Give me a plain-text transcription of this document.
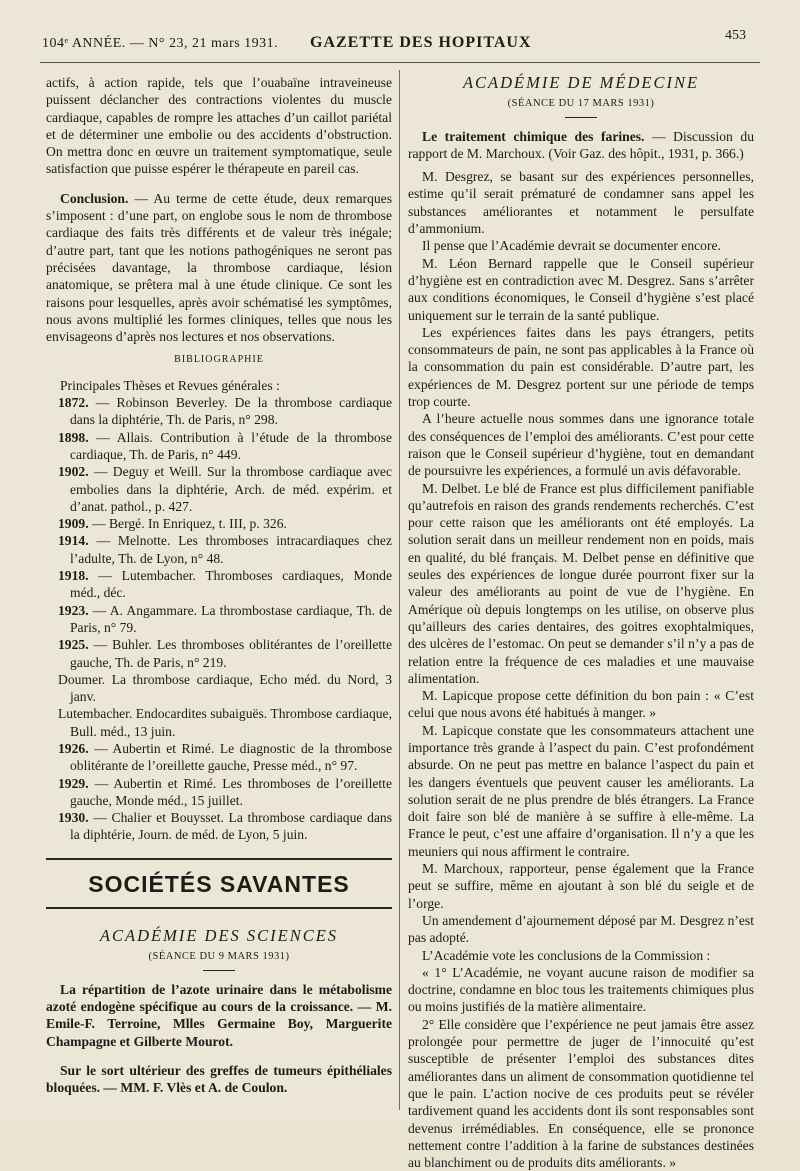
104ᵉ ANNÉE. — N° 23, 21 mars 1931. GAZETTE DES HOPITAUX	453

actifs, à action rapide, tels que l’ouabaïne intraveineuse puissent déclancher des contractions violentes du muscle cardiaque, capables de rompre les attaches d’un caillot pariétal et de déterminer une embolie ou des accidents d’obstruction. On mettra donc en œuvre un traitement symptomatique, seule satisfaction que puisse espérer le thérapeute en pareil cas.

Conclusion. — Au terme de cette étude, deux remarques s’imposent : d’une part, on englobe sous le nom de thrombose cardiaque des faits très différents et de valeur très inégale; d’autre part, tant que les notions pathogéniques ne seront pas précisées davantage, la thrombose cardiaque, lésion anatomique, se prêtera mal à une étude clinique. Ce sont les raisons pour lesquelles, après avoir schématisé les symptômes, nous avons multiplié les formes cliniques, telles que nous les envisageons d’après nos lectures et nos observations.

BIBLIOGRAPHIE

Principales Thèses et Revues générales :

1872. — Robinson Beverley. De la thrombose cardiaque dans la diphtérie, Th. de Paris, n° 298.

1898. — Allais. Contribution à l’étude de la thrombose cardiaque, Th. de Paris, n° 449.

1902. — Deguy et Weill. Sur la thrombose cardiaque avec embolies dans la diphtérie, Arch. de méd. expérim. et d’anat. pathol., p. 427.

1909. — Bergé. In Enriquez, t. III, p. 326.

1914. — Melnotte. Les thromboses intracardiaques chez l’adulte, Th. de Lyon, n° 48.

1918. — Lutembacher. Thromboses cardiaques, Monde méd., déc.

1923. — A. Angammare. La thrombostase cardiaque, Th. de Paris, n° 79.

1925. — Buhler. Les thromboses oblitérantes de l’oreillette gauche, Th. de Paris, n° 219.

Doumer. La thrombose cardiaque, Echo méd. du Nord, 3 janv.

Lutembacher. Endocardites subaiguës. Thrombose cardiaque, Bull. méd., 13 juin.

1926. — Aubertin et Rimé. Le diagnostic de la thrombose oblitérante de l’oreillette gauche, Presse méd., n° 97.

1929. — Aubertin et Rimé. Les thromboses de l’oreillette gauche, Monde méd., 15 juillet.

1930. — Chalier et Bouysset. La thrombose cardiaque dans la diphtérie, Journ. de méd. de Lyon, 5 juin.

SOCIÉTÉS SAVANTES
ACADÉMIE DES SCIENCES
(SÉANCE DU 9 MARS 1931)

La répartition de l’azote urinaire dans le métabolisme azoté endogène spécifique au cours de la croissance. — M. Emile-F. Terroine, Mlles Germaine Boy, Marguerite Champagne et Gilberte Mourot.

Sur le sort ultérieur des greffes de tumeurs épithéliales bloquées. — MM. F. Vlès et A. de Coulon.

ACADÉMIE DE MÉDECINE
(SÉANCE DU 17 MARS 1931)

Le traitement chimique des farines. — Discussion du rapport de M. Marchoux. (Voir Gaz. des hôpit., 1931, p. 366.)

M. Desgrez, se basant sur des expériences personnelles, estime qu’il serait prématuré de condamner sans appel les substances améliorantes et notamment le persulfate d’ammonium.

Il pense que l’Académie devrait se documenter encore.

M. Léon Bernard rappelle que le Conseil supérieur d’hygiène est en contradiction avec M. Desgrez. Sans s’arrêter aux conditions économiques, le Conseil d’hygiène s’est placé uniquement sur le terrain de la santé publique.

Les expériences faites dans les pays étrangers, petits consommateurs de pain, ne sont pas applicables à la France où la consommation du pain est considérable. D’autre part, les expériences de M. Desgrez portent sur une période de temps trop courte.

A l’heure actuelle nous sommes dans une ignorance totale des conséquences de l’emploi des améliorants. C’est pour cette raison que le Conseil supérieur d’hygiène, tout en demandant de poursuivre les expériences, a formulé un avis défavorable.

M. Delbet. Le blé de France est plus difficilement panifiable qu’autrefois en raison des grands rendements recherchés. C’est pour cette raison que les améliorants ont été employés. La solution serait dans un meilleur rendement non en poids, mais en qualité, du blé français. M. Delbet pense en définitive que seules des expériences de longue durée pourront fixer sur la valeur des améliorants au point de vue de l’hygiène. En Amérique où depuis longtemps on les utilise, on observe plus qu’ailleurs des caries dentaires, des goitres exophtalmiques, des ulcères de l’estomac. On peut se demander s’il n’y a pas de relation entre la fréquence de ces maladies et une mauvaise alimentation.

M. Lapicque propose cette définition du bon pain : « C’est celui que nous avons été habitués à manger. »

M. Lapicque constate que les consommateurs attachent une importance très grande à l’aspect du pain. C’est profondément absurde. On ne peut pas mettre en balance l’aspect du pain et les dangers éventuels que peuvent causer les améliorants. La solution serait de ne plus prendre de blés étrangers. La France doit faire son blé de manière à se suffire à elle-même. La France le peut, c’est une affaire d’organisation. Il n’y a que les meuniers qui nous affirment le contraire.

M. Marchoux, rapporteur, pense également que la France peut se suffire, même en ajoutant à son blé du seigle et de l’orge.

Un amendement d’ajournement déposé par M. Desgrez n’est pas adopté.

L’Académie vote les conclusions de la Commission :

« 1° L’Académie, ne voyant aucune raison de modifier sa doctrine, condamne en bloc tous les traitements chimiques plus ou moins justifiés de la matière alimentaire.

2° Elle considère que l’expérience ne peut jamais être assez prolongée pour permettre de juger de l’innocuité qu’est susceptible de présenter l’emploi des substances dites améliorantes dans un aliment de consommation quotidienne tel que le pain. L’action nocive de ces produits peut se révéler tardivement quand les accidents dont ils sont responsables sont devenus irrémédiables. En conséquence, elle se prononce nettement contre l’addition à la farine de substances destinées au blanchiment ou de produits dits améliorants. »
